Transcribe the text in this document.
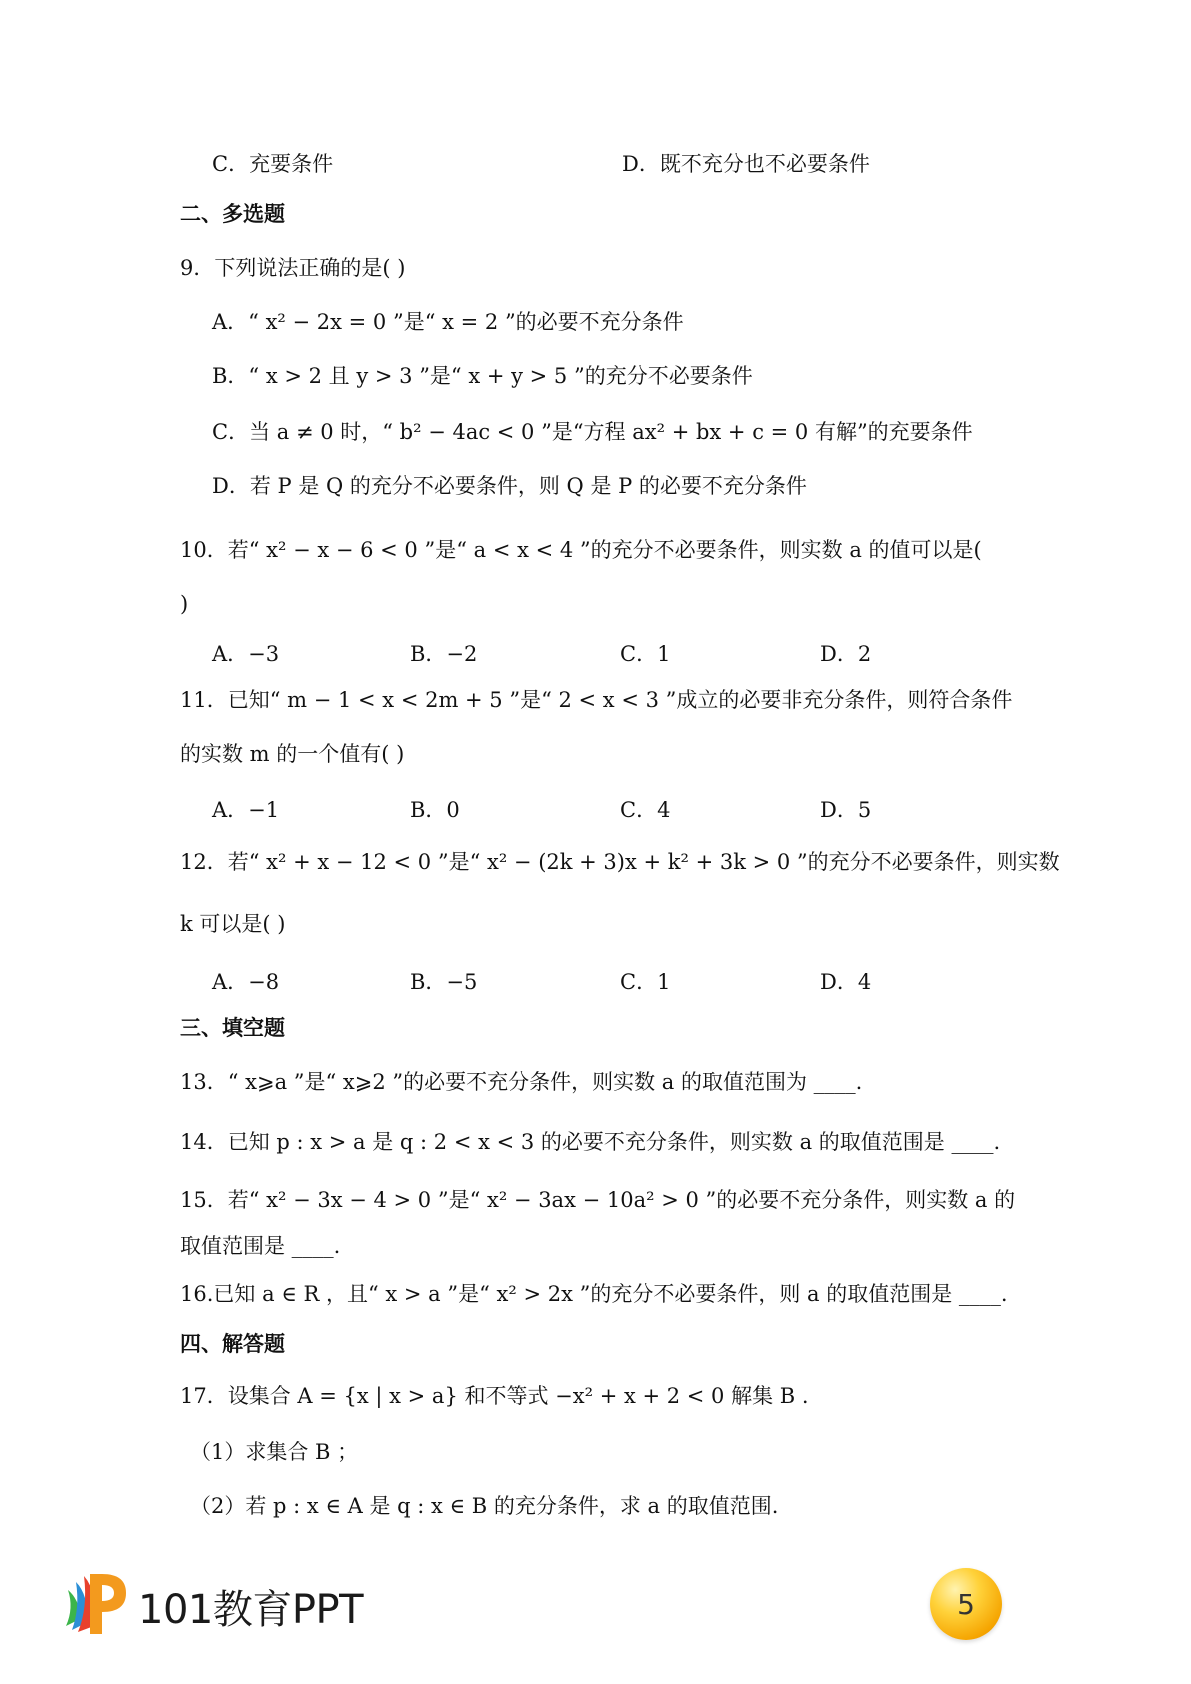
C．充要条件	D．既不充分也不必要条件
二、多选题
9．下列说法正确的是( )
A．“ x² − 2x = 0 ”是“ x = 2 ”的必要不充分条件
B．“ x > 2 且 y > 3 ”是“ x + y > 5 ”的充分不必要条件
C．当 a ≠ 0 时，“ b² − 4ac < 0 ”是“方程 ax² + bx + c = 0 有解”的充要条件
D．若 P 是 Q 的充分不必要条件，则 Q 是 P 的必要不充分条件
10．若“ x² − x − 6 < 0 ”是“ a < x < 4 ”的充分不必要条件，则实数 a 的值可以是(
)
A．−3	B．−2	C．1	D．2
11．已知“ m − 1 < x < 2m + 5 ”是“ 2 < x < 3 ”成立的必要非充分条件，则符合条件
的实数 m 的一个值有( )
A．−1	B．0	C．4	D．5
12．若“ x² + x − 12 < 0 ”是“ x² − (2k + 3)x + k² + 3k > 0 ”的充分不必要条件，则实数
k 可以是( )
A．−8	B．−5	C．1	D．4
三、填空题
13．“ x⩾a ”是“ x⩾2 ”的必要不充分条件，则实数 a 的取值范围为 ____.
14．已知 p : x > a 是 q : 2 < x < 3 的必要不充分条件，则实数 a 的取值范围是 ____.
15．若“ x² − 3x − 4 > 0 ”是“ x² − 3ax − 10a² > 0 ”的必要不充分条件，则实数 a 的
取值范围是 ____.
16.已知 a ∈ R ，且“ x > a ”是“ x² > 2x ”的充分不必要条件，则 a 的取值范围是 ____.
四、解答题
17．设集合 A = {x | x > a} 和不等式 −x² + x + 2 < 0 解集 B .
（1）求集合 B ；
（2）若 p : x ∈ A 是 q : x ∈ B 的充分条件，求 a 的取值范围.
101教育PPT	5
